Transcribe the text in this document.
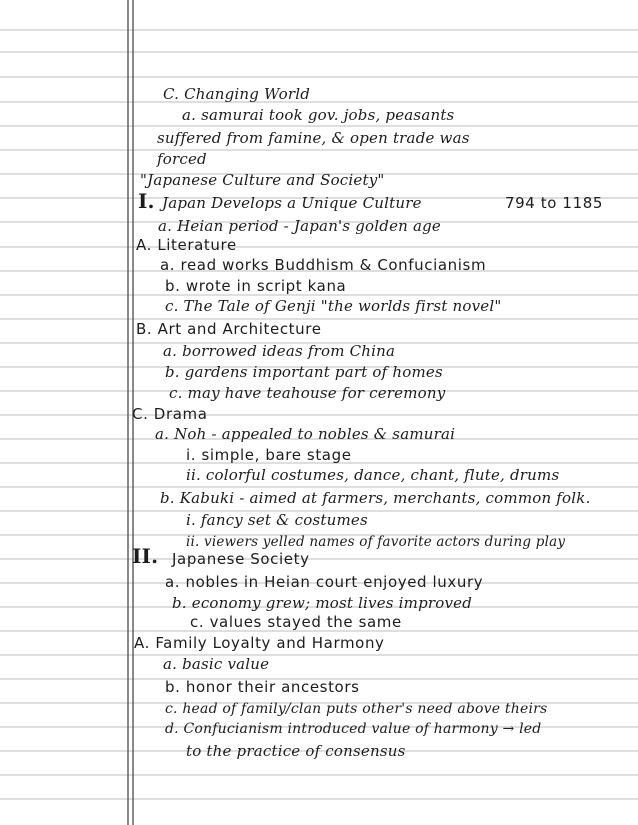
C. Changing World
a. samurai took gov. jobs, peasants
suffered from famine, & open trade was
forced
"Japanese Culture and Society"
I. Japan Develops a Unique Culture	794 to 1185
a. Heian period - Japan's golden age
A. Literature
a. read works Buddhism & Confucianism
b. wrote in script kana
c. The Tale of Genji "the worlds first novel"
B. Art and Architecture
a. borrowed ideas from China
b. gardens important part of homes
c. may have teahouse for ceremony
C. Drama
a. Noh - appealed to nobles & samurai
i. simple, bare stage
ii. colorful costumes, dance, chant, flute, drums
b. Kabuki - aimed at farmers, merchants, common folk.
i. fancy set & costumes
ii. viewers yelled names of favorite actors during play
II. Japanese Society
a. nobles in Heian court enjoyed luxury
b. economy grew; most lives improved
c. values stayed the same
A. Family Loyalty and Harmony
a. basic value
b. honor their ancestors
c. head of family/clan puts other's need above theirs
d. Confucianism introduced value of harmony → led
to the practice of consensus
